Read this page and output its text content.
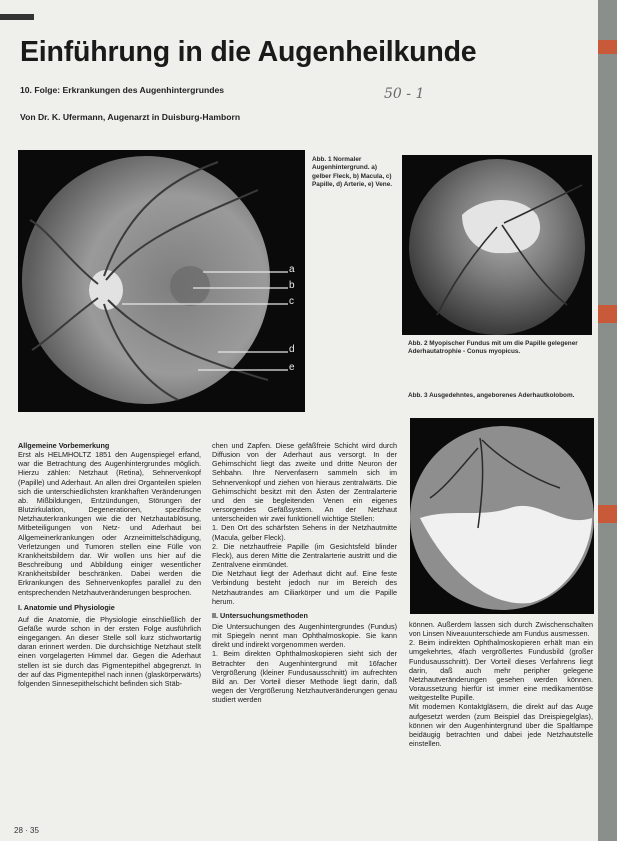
Einführung in die Augenheilkunde
10. Folge: Erkrankungen des Augenhintergrundes
Von Dr. K. Ufermann, Augenarzt in Duisburg-Hamborn
50 - 1
a
b
c
d
e
Abb. 1 Normaler Augenhintergrund. a) gelber Fleck, b) Macula, c) Papille, d) Arterie, e) Vene.
Abb. 2 Myopischer Fundus mit um die Papille gelegener Aderhautatrophie - Conus myopicus.
Abb. 3 Ausgedehntes, angeborenes Aderhautkolobom.

Allgemeine Vorbemerkung

Erst als HELMHOLTZ 1851 den Augenspiegel erfand, war die Betrachtung des Augenhintergrundes möglich. Hierzu zählen: Netzhaut (Retina), Sehnervenkopf (Papille) und Aderhaut. An allen drei Organteilen spielen sich die unterschiedlichsten krankhaften Veränderungen ab. Mißbildungen, Entzündungen, Störungen der Blutzirkulation, Degenerationen, spezifische Netzhauterkrankungen wie die der Netzhautablösung, Mitbeteiligungen von Netz- und Aderhaut bei Allgemeinerkrankungen oder Arzneimittelschädigung, Verletzungen und Tumoren stellen eine Fülle von Krankheitsbildern dar. Wir wollen uns hier auf die Beschreibung und Abbildung einiger wesentlicher Krankheitsbilder beschränken. Dabei werden die Erkrankungen des Sehnervenkopfes parallel zu den entsprechenden Netzhautveränderungen besprochen.

I. Anatomie und Physiologie

Auf die Anatomie, die Physiologie einschließlich der Gefäße wurde schon in der ersten Folge ausführlich eingegangen. An dieser Stelle soll kurz stichwortartig daran erinnert werden. Die durchsichtige Netzhaut stellt einen vorgelagerten Himmel dar. Gegen die Aderhaut stellen ist sie durch das Pigmentepithel abgegrenzt. In der auf das Pigmentepithel nach innen (glaskörperwärts) folgenden Sinnesepithelschicht befinden sich Stäb-

chen und Zapfen. Diese gefäßfreie Schicht wird durch Diffusion von der Aderhaut aus versorgt. In der Gehirnschicht liegt das zweite und dritte Neuron der Sehbahn. Ihre Nervenfasern sammeln sich im Sehnervenkopf und ziehen von hieraus zentralwärts. Die Gehirnschicht besitzt mit den Ästen der Zentralarterie und den sie begleitenden Venen ein eigenes versorgendes Gefäßsystem. An der Netzhaut unterscheiden wir zwei funktionell wichtige Stellen:

1. Den Ort des schärfsten Sehens in der Netzhautmitte (Macula, gelber Fleck).

2. Die netzhautfreie Papille (im Gesichtsfeld blinder Fleck), aus deren Mitte die Zentralarterie austritt und die Zentralvene einmündet.

Die Netzhaut liegt der Aderhaut dicht auf. Eine feste Verbindung besteht jedoch nur im Bereich des Netzhautrandes am Ciliarkörper und um die Papille herum.

II. Untersuchungsmethoden

Die Untersuchungen des Augenhintergrundes (Fundus) mit Spiegeln nennt man Ophthalmoskopie. Sie kann direkt und indirekt vorgenommen werden.

1. Beim direkten Ophthalmoskopieren sieht sich der Betrachter den Augenhintergrund mit 16facher Vergrößerung (kleiner Fundusausschnitt) im aufrechten Bild an. Der Vorteil dieser Methode liegt darin, daß wegen der Vergrößerung Netzhautveränderungen genau studiert werden

können. Außerdem lassen sich durch Zwischenschalten von Linsen Niveauunterschiede am Fundus ausmessen.

2. Beim indirekten Ophthalmoskopieren erhält man ein umgekehrtes, 4fach vergrößertes Fundusbild (großer Fundusausschnitt). Der Vorteil dieses Verfahrens liegt darin, daß auch mehr peripher gelegene Netzhautveränderungen gesehen werden können. Voraussetzung hierfür ist immer eine medikamentöse weitgestellte Pupille.

Mit modernen Kontaktgläsern, die direkt auf das Auge aufgesetzt werden (zum Beispiel das Dreispiegelglas), können wir den Augenhintergrund über die Spaltlampe beidäugig betrachten und dabei jede Netzhautstelle einstellen.

28 · 35
